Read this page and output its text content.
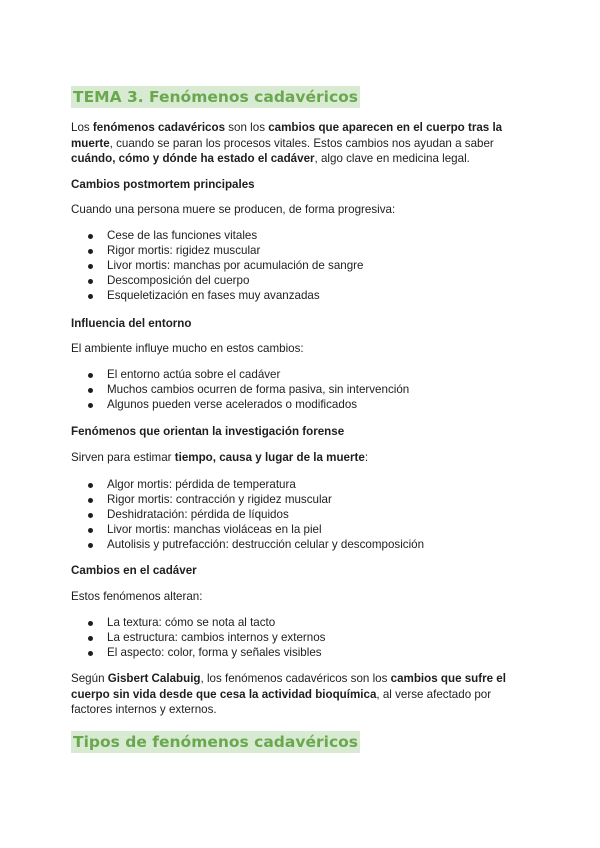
TEMA 3. Fenómenos cadavéricos

Los fenómenos cadavéricos son los cambios que aparecen en el cuerpo tras la muerte, cuando se paran los procesos vitales. Estos cambios nos ayudan a saber cuándo, cómo y dónde ha estado el cadáver, algo clave en medicina legal.

Cambios postmortem principales

Cuando una persona muere se producen, de forma progresiva:

Cese de las funciones vitales
Rigor mortis: rigidez muscular
Livor mortis: manchas por acumulación de sangre
Descomposición del cuerpo
Esqueletización en fases muy avanzadas
Influencia del entorno

El ambiente influye mucho en estos cambios:

El entorno actúa sobre el cadáver
Muchos cambios ocurren de forma pasiva, sin intervención
Algunos pueden verse acelerados o modificados
Fenómenos que orientan la investigación forense

Sirven para estimar tiempo, causa y lugar de la muerte:

Algor mortis: pérdida de temperatura
Rigor mortis: contracción y rigidez muscular
Deshidratación: pérdida de líquidos
Livor mortis: manchas violáceas en la piel
Autolisis y putrefacción: destrucción celular y descomposición
Cambios en el cadáver

Estos fenómenos alteran:

La textura: cómo se nota al tacto
La estructura: cambios internos y externos
El aspecto: color, forma y señales visibles

Según Gisbert Calabuig, los fenómenos cadavéricos son los cambios que sufre el cuerpo sin vida desde que cesa la actividad bioquímica, al verse afectado por factores internos y externos.

Tipos de fenómenos cadavéricos
